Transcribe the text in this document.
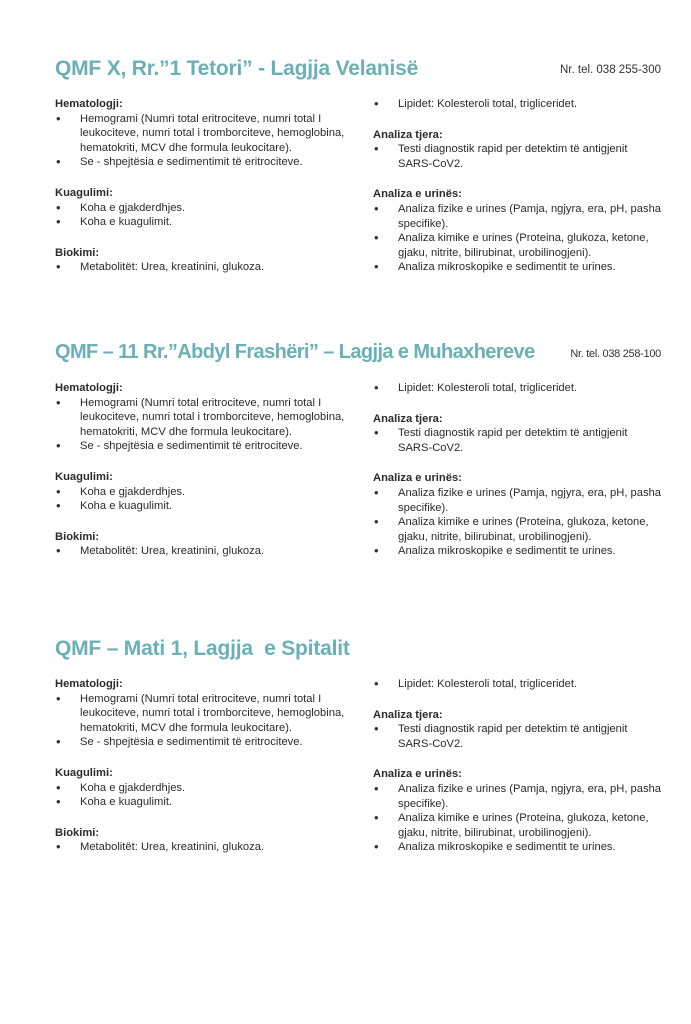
QMF X, Rr.”1 Tetori” - Lagjja Velanisë	Nr. tel. 038 255-300

Hematologji:

• Hemogrami (Numri total eritrociteve, numri total I leukociteve, numri total i tromborciteve, hemoglobina, hematokriti, MCV dhe formula leukocitare).
• Se - shpejtësia e sedimentimit të eritrociteve.

Kuagulimi:

• Koha e gjakderdhjes.
• Koha e kuagulimit.

Biokimi:

• Metabolitët: Urea, kreatinini, glukoza.
• Lipidet: Kolesteroli total, trigliceridet.

Analiza tjera:

• Testi diagnostik rapid per detektim të antigjenit SARS-CoV2.

Analiza e urinës:

• Analiza fizike e urines (Pamja, ngjyra, era, pH, pasha specifike).
• Analiza kimike e urines (Proteina, glukoza, ketone, gjaku, nitrite, bilirubinat, urobilinogjeni).
• Analiza mikroskopike e sedimentit te urines.
QMF – 11 Rr.”Abdyl Frashëri” – Lagjja e Muhaxhereve	Nr. tel. 038 258-100

Hematologji:

• Hemogrami (Numri total eritrociteve, numri total I leukociteve, numri total i tromborciteve, hemoglobina, hematokriti, MCV dhe formula leukocitare).
• Se - shpejtësia e sedimentimit të eritrociteve.

Kuagulimi:

• Koha e gjakderdhjes.
• Koha e kuagulimit.

Biokimi:

• Metabolitët: Urea, kreatinini, glukoza.
• Lipidet: Kolesteroli total, trigliceridet.

Analiza tjera:

• Testi diagnostik rapid per detektim të antigjenit SARS-CoV2.

Analiza e urinës:

• Analiza fizike e urines (Pamja, ngjyra, era, pH, pasha specifike).
• Analiza kimike e urines (Proteina, glukoza, ketone, gjaku, nitrite, bilirubinat, urobilinogjeni).
• Analiza mikroskopike e sedimentit te urines.
QMF – Mati 1, Lagjja  e Spitalit

Hematologji:

• Hemogrami (Numri total eritrociteve, numri total I leukociteve, numri total i tromborciteve, hemoglobina, hematokriti, MCV dhe formula leukocitare).
• Se - shpejtësia e sedimentimit të eritrociteve.

Kuagulimi:

• Koha e gjakderdhjes.
• Koha e kuagulimit.

Biokimi:

• Metabolitët: Urea, kreatinini, glukoza.
• Lipidet: Kolesteroli total, trigliceridet.

Analiza tjera:

• Testi diagnostik rapid per detektim të antigjenit SARS-CoV2.

Analiza e urinës:

• Analiza fizike e urines (Pamja, ngjyra, era, pH, pasha specifike).
• Analiza kimike e urines (Proteina, glukoza, ketone, gjaku, nitrite, bilirubinat, urobilinogjeni).
• Analiza mikroskopike e sedimentit te urines.
